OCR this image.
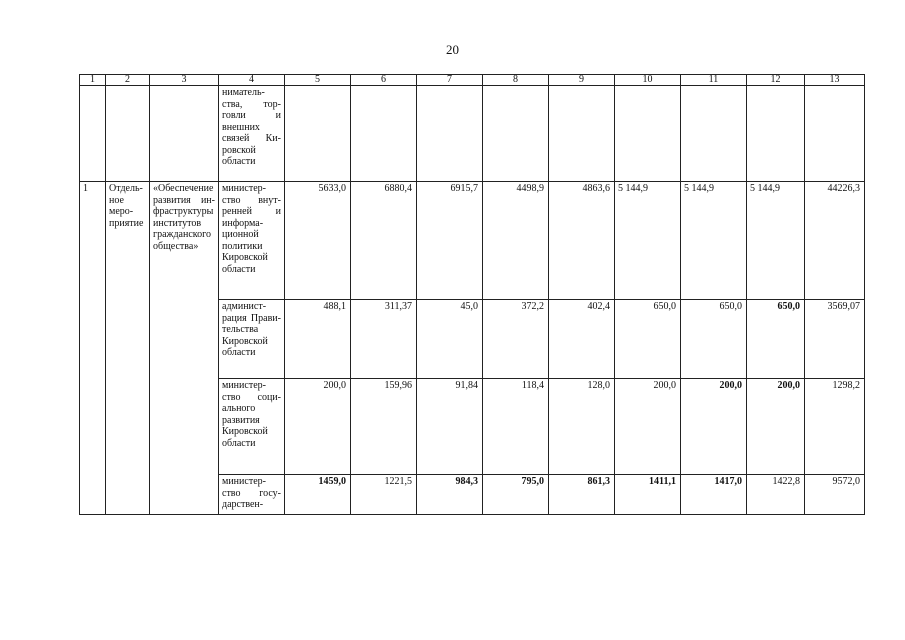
20
1	2	3	4	5	6	7	8	9	10	11	12	13
			нимательства, торговли и внешних связей Кировской области									
1	Отдельное мероприятие	«Обеспечение развития инфраструктуры институтов гражданского общества»	министерство внутренней и информационной политики Кировской области	5633,0	6880,4	6915,7	4498,9	4863,6	5 144,9	5 144,9	5 144,9	44226,3
			администрация Правительства Кировской области	488,1	311,37	45,0	372,2	402,4	650,0	650,0	650,0	3569,07
			министерство социального развития Кировской области	200,0	159,96	91,84	118,4	128,0	200,0	200,0	200,0	1298,2
			министерство государствен-	1459,0	1221,5	984,3	795,0	861,3	1411,1	1417,0	1422,8	9572,0
